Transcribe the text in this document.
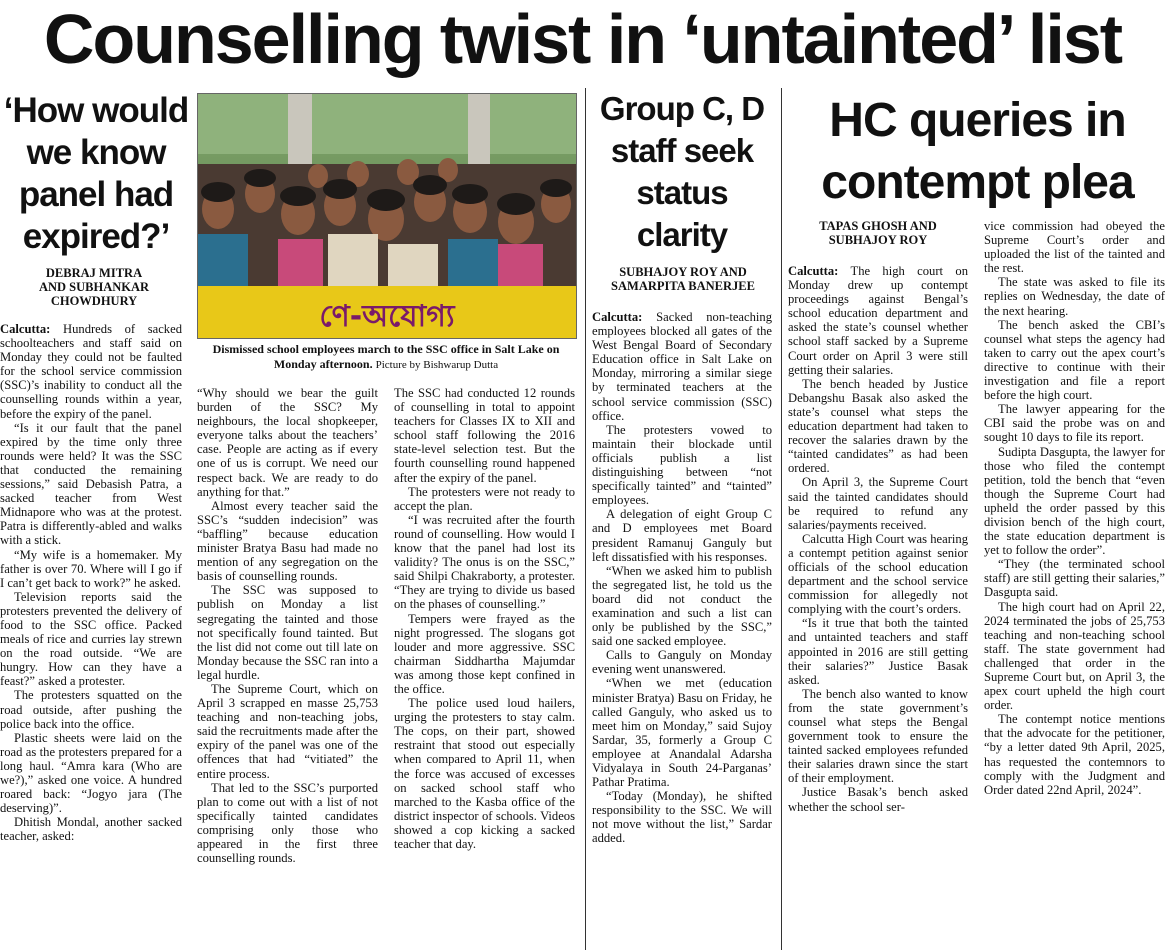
Counselling twist in ‘untainted’ list
‘How would
we know
panel had
expired?’
DEBRAJ MITRA
AND SUBHANKAR
CHOWDHURY

Calcutta: Hundreds of sacked schoolteachers and staff said on Monday they could not be faulted for the school service commission (SSC)’s inability to conduct all the counselling rounds within a year, before the expiry of the panel.

“Is it our fault that the panel expired by the time only three rounds were held? It was the SSC that conducted the remaining sessions,” said Debasish Patra, a sacked teacher from West Midnapore who was at the protest. Patra is differently-abled and walks with a stick.

“My wife is a homemaker. My father is over 70. Where will I go if I can’t get back to work?” he asked.

Television reports said the protesters prevented the delivery of food to the SSC office. Packed meals of rice and curries lay strewn on the road outside. “We are hungry. How can they have a feast?” asked a protester.

The protesters squatted on the road outside, after pushing the police back into the office.

Plastic sheets were laid on the road as the protesters prepared for a long haul. “Amra kara (Who are we?),” asked one voice. A hundred roared back: “Jogyo jara (The deserving)”.

Dhitish Mondal, another sacked teacher, asked:

ণে-অযোগ্য
Dismissed school employees march to the SSC office in Salt Lake on Monday afternoon. Picture by Bishwarup Dutta

“Why should we bear the guilt burden of the SSC? My neighbours, the local shopkeeper, everyone talks about the teachers’ case. People are acting as if every one of us is corrupt. We need our respect back. We are ready to do anything for that.”

Almost every teacher said the SSC’s “sudden indecision” was “baffling” because education minister Bratya Basu had made no mention of any segregation on the basis of counselling rounds.

The SSC was supposed to publish on Monday a list segregating the tainted and those not specifically found tainted. But the list did not come out till late on Monday because the SSC ran into a legal hurdle.

The Supreme Court, which on April 3 scrapped en masse 25,753 teaching and non-teaching jobs, said the recruitments made after the expiry of the panel was one of the offences that had “vitiated” the entire process.

That led to the SSC’s purported plan to come out with a list of not specifically tainted candidates comprising only those who appeared in the first three counselling rounds.

The SSC had conducted 12 rounds of counselling in total to appoint teachers for Classes IX to XII and school staff following the 2016 state-level selection test. But the fourth counselling round happened after the expiry of the panel.

The protesters were not ready to accept the plan.

“I was recruited after the fourth round of counselling. How would I know that the panel had lost its validity? The onus is on the SSC,” said Shilpi Chakraborty, a protester. “They are trying to divide us based on the phases of counselling.”

Tempers were frayed as the night progressed. The slogans got louder and more aggressive. SSC chairman Siddhartha Majumdar was among those kept confined in the office.

The police used loud hailers, urging the protesters to stay calm. The cops, on their part, showed restraint that stood out especially when compared to April 11, when the force was accused of excesses on sacked school staff who marched to the Kasba office of the district inspector of schools. Videos showed a cop kicking a sacked teacher that day.

Group C, D
staff seek
status
clarity
SUBHAJOY ROY AND
SAMARPITA BANERJEE

Calcutta: Sacked non-teaching employees blocked all gates of the West Bengal Board of Secondary Education office in Salt Lake on Monday, mirroring a similar siege by terminated teachers at the school service commission (SSC) office.

The protesters vowed to maintain their blockade until officials publish a list distinguishing between “not specifically tainted” and “tainted” employees.

A delegation of eight Group C and D employees met Board president Ramanuj Ganguly but left dissatisfied with his responses.

“When we asked him to publish the segregated list, he told us the board did not conduct the examination and such a list can only be published by the SSC,” said one sacked employee.

Calls to Ganguly on Monday evening went unanswered.

“When we met (education minister Bratya) Basu on Friday, he called Ganguly, who asked us to meet him on Monday,” said Sujoy Sardar, 35, formerly a Group C employee at Anandalal Adarsha Vidyalaya in South 24-Parganas’ Pathar Pratima.

“Today (Monday), he shifted responsibility to the SSC. We will not move without the list,” Sardar added.

HC queries in
contempt plea
TAPAS GHOSH AND
SUBHAJOY ROY

Calcutta: The high court on Monday drew up contempt proceedings against Bengal’s school education department and asked the state’s counsel whether school staff sacked by a Supreme Court order on April 3 were still getting their salaries.

The bench headed by Justice Debangshu Basak also asked the state’s counsel what steps the education department had taken to recover the salaries drawn by the “tainted candidates” as had been ordered.

On April 3, the Supreme Court said the tainted candidates should be required to refund any salaries/payments received.

Calcutta High Court was hearing a contempt petition against senior officials of the school education department and the school service commission for allegedly not complying with the court’s orders.

“Is it true that both the tainted and untainted teachers and staff appointed in 2016 are still getting their salaries?” Justice Basak asked.

The bench also wanted to know from the state government’s counsel what steps the Bengal government took to ensure the tainted sacked employees refunded their salaries drawn since the start of their employment.

Justice Basak’s bench asked whether the school ser-

vice commission had obeyed the Supreme Court’s order and uploaded the list of the tainted and the rest.

The state was asked to file its replies on Wednesday, the date of the next hearing.

The bench asked the CBI’s counsel what steps the agency had taken to carry out the apex court’s directive to continue with their investigation and file a report before the high court.

The lawyer appearing for the CBI said the probe was on and sought 10 days to file its report.

Sudipta Dasgupta, the lawyer for those who filed the contempt petition, told the bench that “even though the Supreme Court had upheld the order passed by this division bench of the high court, the state education department is yet to follow the order”.

“They (the terminated school staff) are still getting their salaries,” Dasgupta said.

The high court had on April 22, 2024 terminated the jobs of 25,753 teaching and non-teaching school staff. The state government had challenged that order in the Supreme Court but, on April 3, the apex court upheld the high court order.

The contempt notice mentions that the advocate for the petitioner, “by a letter dated 9th April, 2025, has requested the contemnors to comply with the Judgment and Order dated 22nd April, 2024”.
